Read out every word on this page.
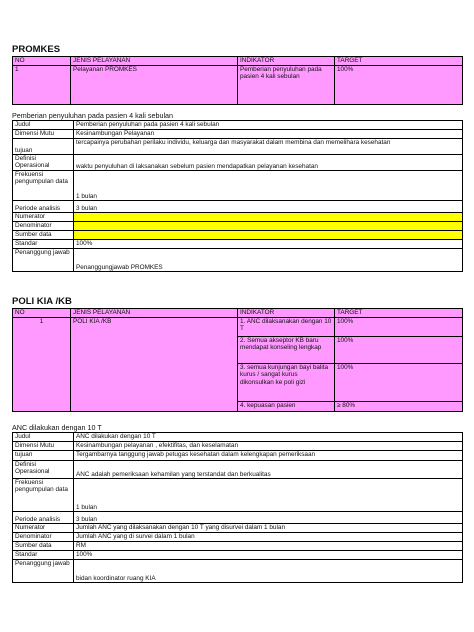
PROMKES
NO	JENIS PELAYANAN	INDIKATOR	TARGET
1	Pelayanan PROMKES	Pemberian penyuluhan pada pasien 4 kali sebulan	100%
Pemberian penyuluhan pada pasien 4 kali sebulan
Judul	Pemberian penyuluhan pada pasien 4 kali sebulan
Dimensi Mutu	Kesinambungan Pelayanan
tujuan	tercapainya perubahan perilaku individu, keluarga dan masyarakat dalam membina dan memelihara kesehatan
Definisi Operasional	waktu penyuluhan di laksanakan sebelum pasien mendapatkan pelayanan kesehatan
Frekuensi pengumpulan data	1 bulan
Periode analisis	3 bulan
Numerator	
Denominator	
Sumber data	
Standar	100%
Penanggung jawab	Penanggungjawab PROMKES
POLI KIA /KB
NO	JENIS PELAYANAN	INDIKATOR	TARGET
1	POLI KIA /KB	1. ANC dilaksanakan dengan 10 T	100%
		2. Semua akseptor KB baru mendapat konseling lengkap	100%
		3. semua kunjungan bayi balita kurus / sangat kurus dikonsulkan ke poli gizi	100%
		4. kepuasan pasien	≥ 80%
ANC dilakukan dengan 10 T
Judul	ANC dilakukan dengan 10 T
Dimensi Mutu	Kesinambungan pelayanan , efektifitas, dan keselamatan
tujuan	Tergambarnya tanggung jawab petugas kesehatan dalam kelengkapan pemeriksaan
Definisi Operasional	ANC adalah pemeriksaan kehamilan yang terstandat dan berkualitas
Frekuensi pengumpulan data	1 bulan
Periode analisis	3 bulan
Numerator	Jumlah ANC yang dilaksanakan dengan 10 T yang disurvei dalam 1 bulan
Denominator	Jumlah ANC yang di survei dalam 1 bulan
Sumber data	RM
Standar	100%
Penanggung jawab	bidan koordinator ruang KIA
